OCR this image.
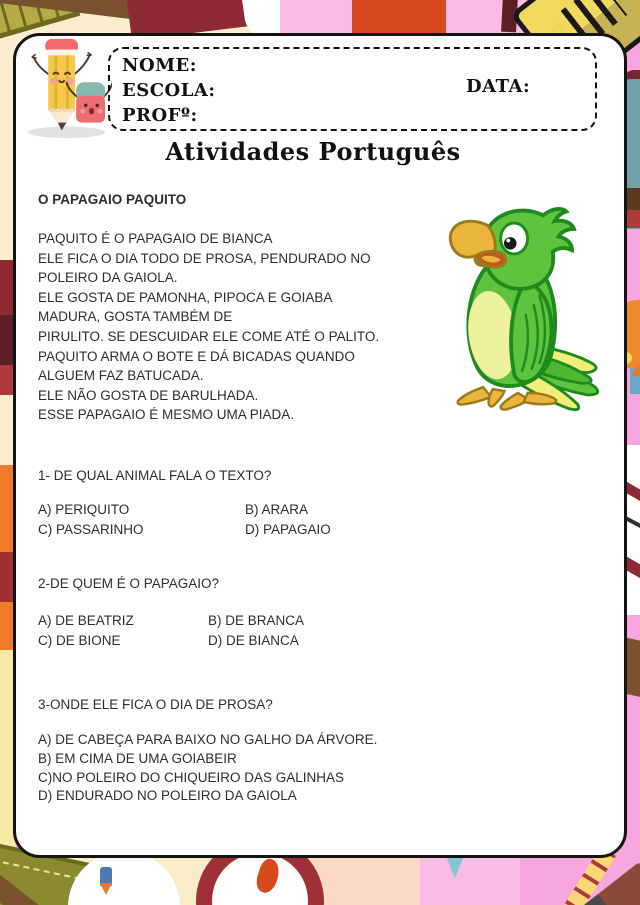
NOME:
ESCOLA:
PROFº:
DATA:
Atividades Português
O PAPAGAIO PAQUITO
PAQUITO É O PAPAGAIO DE BIANCA
ELE FICA O DIA TODO DE PROSA, PENDURADO NO
POLEIRO DA GAIOLA.
ELE GOSTA DE PAMONHA, PIPOCA E GOIABA
MADURA, GOSTA TAMBÉM DE
PIRULITO. SE DESCUIDAR ELE COME ATÉ O PALITO.
PAQUITO ARMA O BOTE E DÁ BICADAS QUANDO
ALGUEM FAZ BATUCADA.
ELE NÃO GOSTA DE BARULHADA.
ESSE PAPAGAIO É MESMO UMA PIADA.
1- DE QUAL ANIMAL FALA O TEXTO?
A) PERIQUITO	B) ARARA
C) PASSARINHO	D) PAPAGAIO
2-DE QUEM É O PAPAGAIO?
A) DE BEATRIZ	B) DE BRANCA
C) DE BIONE	D) DE BIANCA
3-ONDE ELE FICA O DIA DE PROSA?
A) DE CABEÇA PARA BAIXO NO GALHO DA ÁRVORE.
B) EM CIMA DE UMA GOIABEIR
C)NO POLEIRO DO CHIQUEIRO DAS GALINHAS
D) ENDURADO NO POLEIRO DA GAIOLA
